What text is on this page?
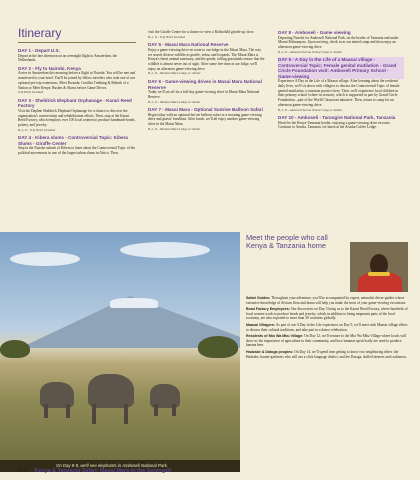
Itinerary
DAY 1 - Depart U.S.
Depart in the late afternoon on an overnight flight to Amsterdam, the Netherlands.
DAY 2 - Fly to Nairobi, Kenya
Arrive in Amsterdam this morning before a flight to Nairobi. You will be met and transferred to your hotel. You'll be joined by fellow travelers who took one of our optional pre-trip extensions, Meet Rwanda: Gorillas Trekking & Rebirth of a Nation or Meet Kenya: Bushes & Slums before Game Drives.
Trip Hotel Included
DAY 3 - Sheldrick Elephant Orphanage - Karari Reed Factory
Visit the Daphne Sheldrick Elephant Orphanage for a chance to discover the organization's conservation and rehabilitation efforts. Then, stop at the Karari Reed Factory, which employs over 100 local women to produce handmade beads, pottery, and jewelry.
B, L, D - Trip Hotel Included
DAY 4 - Kibera slums - Controversial Topic: Kibera Slums - Giraffe Center
Step in the Nairobi suburb of Kibera to learn about the Controversial Topic of the political movements in one of the largest urban slums in Africa. Then,
visit the Giraffe Center for a chance to view a Rothschild giraffe up close.
B, L, D - Trip Hotel Included
DAY 5 - Masai Mara National Reserve
Enjoy a game-viewing drive en route to our lodge in the Masai Mara. The way we search diverse wildlife as giraffe, zebra, and leopards. The Masai Mara is Kenya's finest animal sanctuary, and the gentle, rolling grasslands ensure that the wildlife is almost never out of sight. After some free time at our lodge, we'll enjoy an afternoon game-viewing drive.
B, L, D - Ilkeliani Mara Lodge or similar
DAY 6 - Game-viewing drives in Masai Mara National Reserve
Today we'll set off for a full-day game-viewing drive in Masai Mara National Reserve.
B, L, D - Ilkeliani Mara Lodge or similar
DAY 7 - Masai Mara - Optional Sunrise Balloon Safari
Begin today with an optional hot-air balloon safari or a morning game-viewing drive and guests' breakfast. After lunch, we'll all enjoy another game-viewing drive in the Masai Mara.
B, L, D - Ilkeliani Mara Lodge or similar
DAY 8 - Amboseli - Game viewing
Departing Nairobi for Amboseli National Park, on the border of Tanzania and under Mount Kilimanjaro. Upon arriving, check in at our tented camp and then enjoy an afternoon game-viewing drive.
B, L, D - Amboseli Serena Tented Camp or similar
DAY 9 - A Day in the Life of a Maasai village - Controversial Topic: Female genital mutilation - Grand Circle Foundation visit: Amboseli Primary School - Game-viewing
Experience A Day in the Life of a Maasai village. After learning about the residents' daily lives, we'll sit down with villagers to discuss the Controversial Topic of female genital mutilation, a common practice here. Then, we'll experience local children in their primary school (where in session), which is supported in part by Grand Circle Foundation—part of the World Classroom initiative. Then, return to camp for an afternoon game-viewing drive.
B, L, D - Amboseli Serena Tented Camp or similar
DAY 10 - Amboseli - Tarangire National Park, Tanzania
Head for the Kenya-Tanzania border, enjoying a game-viewing drive en route. Continue to Arusha, Tanzania, for lunch at the Arusha Coffee Lodge.
On Day 8-9, we'll see elephants in Amboseli National Park.
Meet the people who call Kenya & Tanzania home

Safari Guides: Throughout your adventure, you'll be accompanied by expert, naturalist driver-guides whose extensive knowledge of African flora and fauna will help you make the most of your game-viewing excursions.

Bead Factory Employees: Our discoveries on Day 3 bring us to the Karari Bead Factory, where hundreds of local women work to produce beads and jewelry, which in addition to being important parts of the local economy, are also exported to more than 30 countries globally.

Maasai Villagers: As part of our A Day in the Life experience on Day 9, we'll meet with Maasai village elders to discuss their cultural traditions, and take part in a dance celebration.

Residents of Mto Wa Mbu Village: On Day 12, we'll venture to the Mto Wa Mbu Village where locals will show us the importance of agriculture to their community, and how bananas specifically are used to produce banana beer.

Hadzabe & Datoga peoples: On Day 14, we'll spend time getting to know two neighboring tribes: the Hadzabe, hunter-gatherers who still use a click language dialect, and the Datoga, skilled farmers and craftsmen.

314 Kenya & Tanzania Safari: Masai Mara to the Serengeti
